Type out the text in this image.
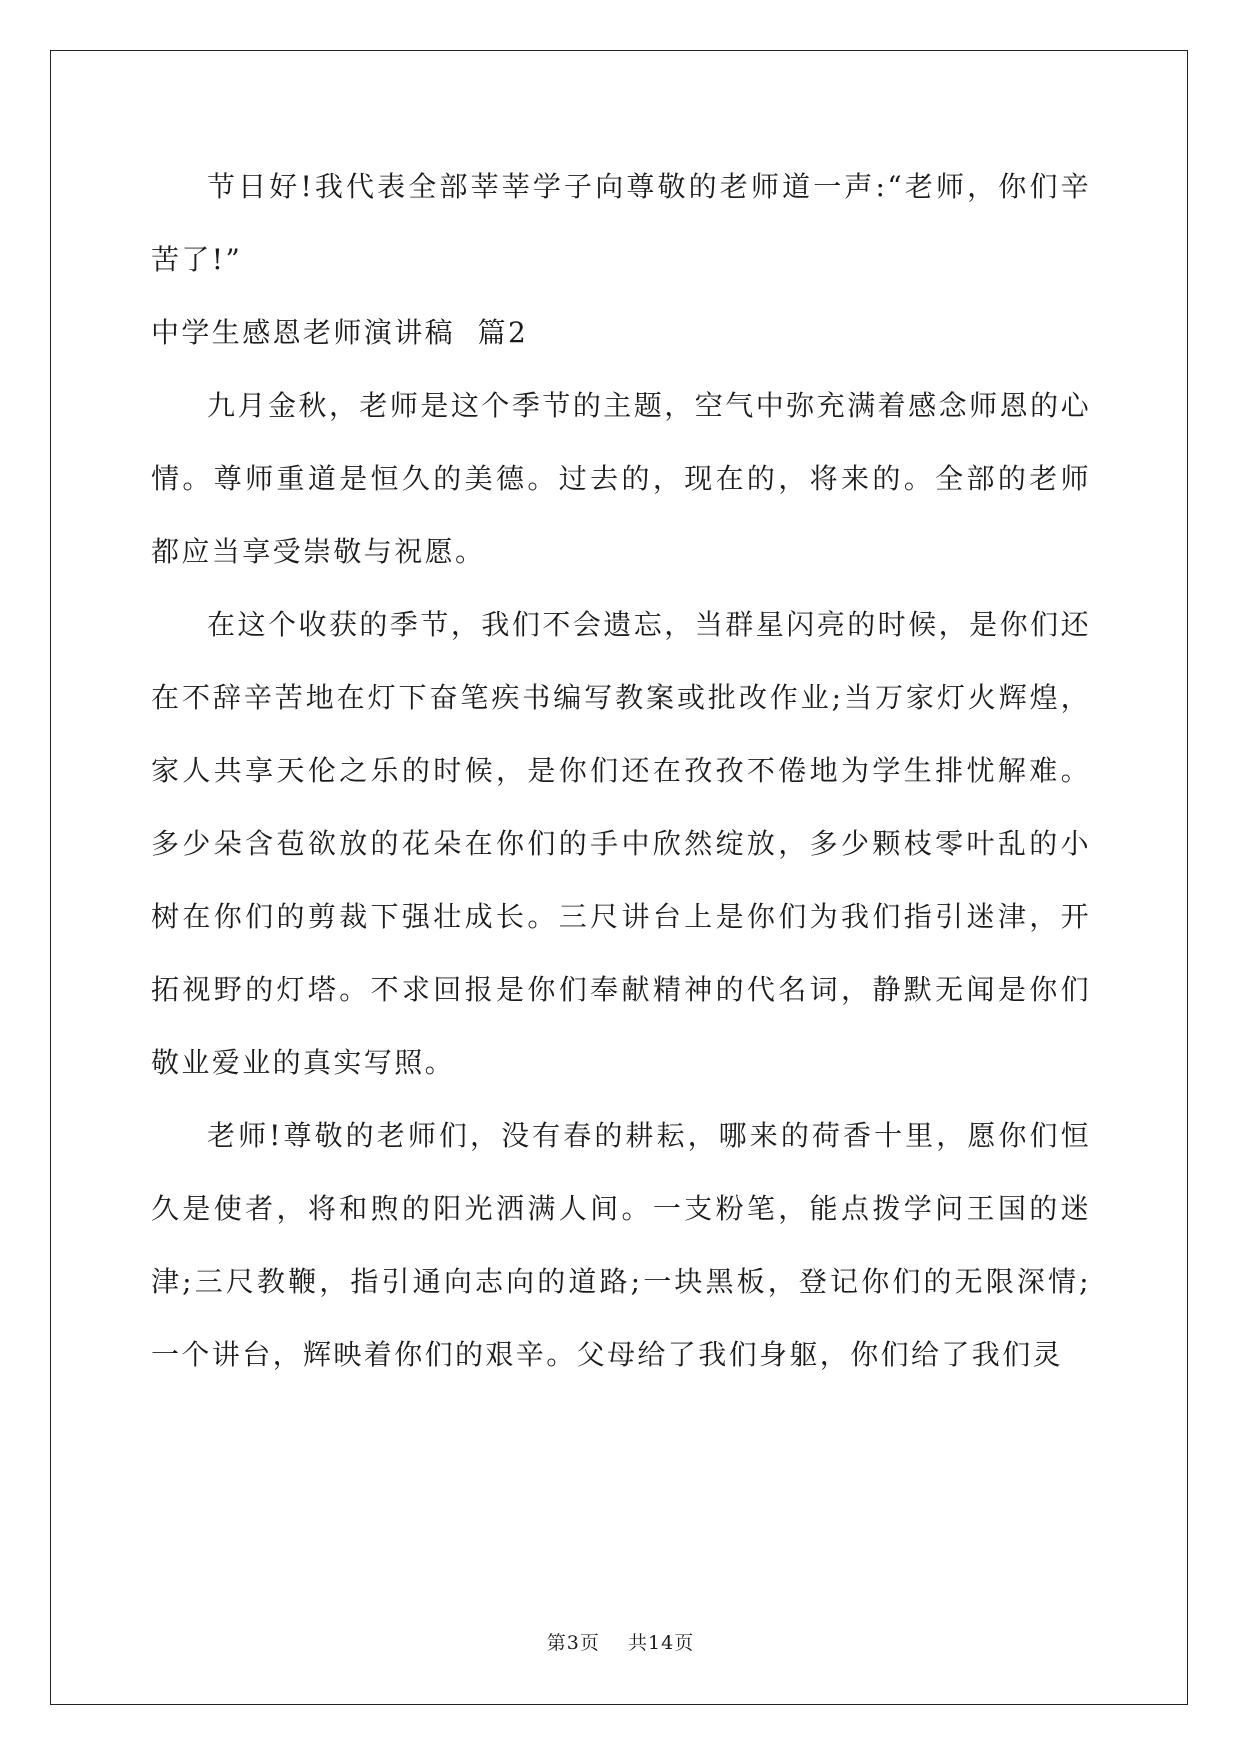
节日好!我代表全部莘莘学子向尊敬的老师道一声:“老师，你们辛苦了!”

中学生感恩老师演讲稿  篇2

九月金秋，老师是这个季节的主题，空气中弥充满着感念师恩的心情。尊师重道是恒久的美德。过去的，现在的，将来的。全部的老师都应当享受崇敬与祝愿。

在这个收获的季节，我们不会遗忘，当群星闪亮的时候，是你们还在不辞辛苦地在灯下奋笔疾书编写教案或批改作业;当万家灯火辉煌，家人共享天伦之乐的时候，是你们还在孜孜不倦地为学生排忧解难。多少朵含苞欲放的花朵在你们的手中欣然绽放，多少颗枝零叶乱的小树在你们的剪裁下强壮成长。三尺讲台上是你们为我们指引迷津，开拓视野的灯塔。不求回报是你们奉献精神的代名词，静默无闻是你们敬业爱业的真实写照。

老师!尊敬的老师们，没有春的耕耘，哪来的荷香十里，愿你们恒久是使者，将和煦的阳光洒满人间。一支粉笔，能点拨学问王国的迷津;三尺教鞭，指引通向志向的道路;一块黑板，登记你们的无限深情;一个讲台，辉映着你们的艰辛。父母给了我们身躯，你们给了我们灵

第3页    共14页
